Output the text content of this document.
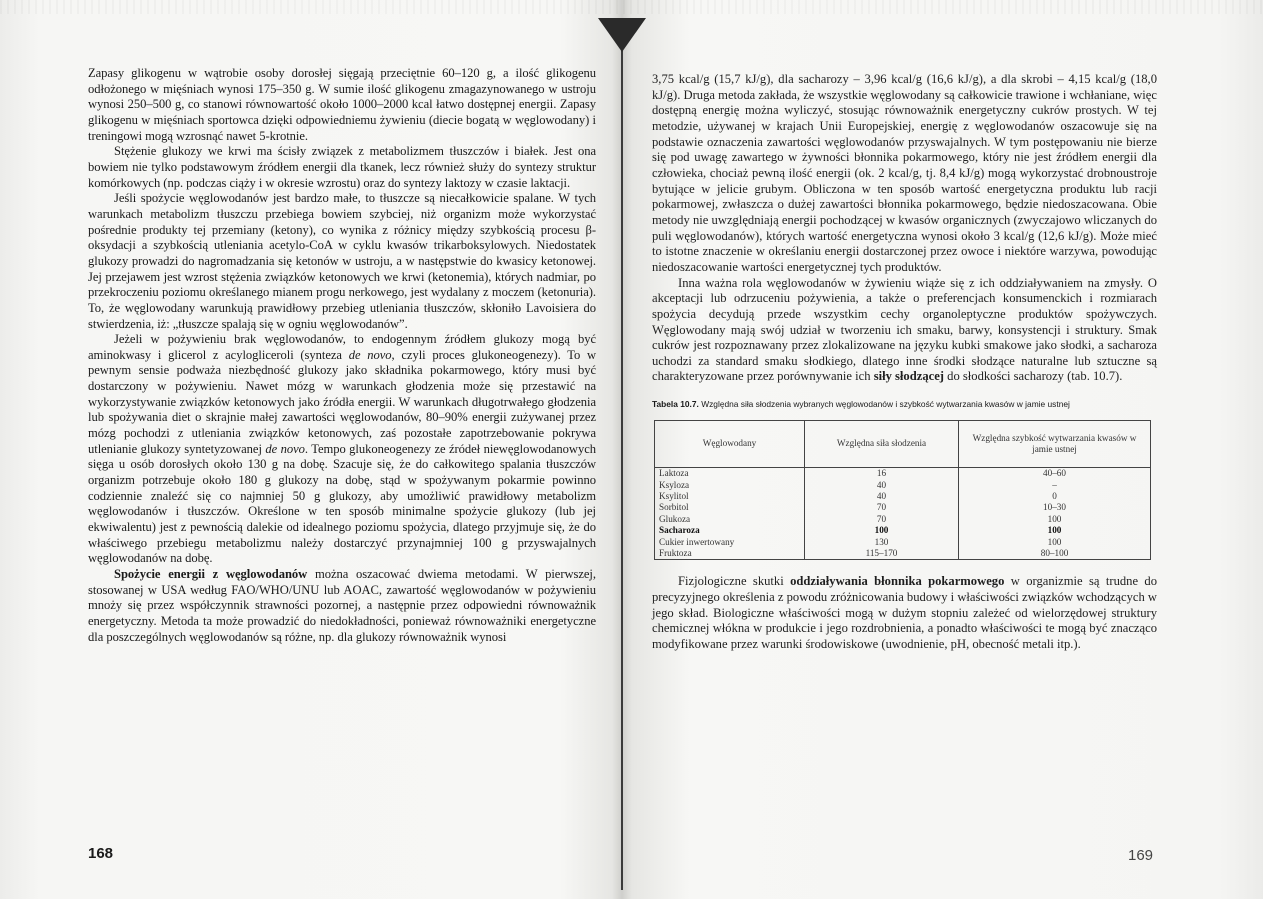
Zapasy glikogenu w wątrobie osoby dorosłej sięgają przeciętnie 60–120 g, a ilość glikogenu odłożonego w mięśniach wynosi 175–350 g. W sumie ilość glikogenu zmagazynowanego w ustroju wynosi 250–500 g, co stanowi równowartość około 1000–2000 kcal łatwo dostępnej energii. Zapasy glikogenu w mięśniach sportowca dzięki odpowiedniemu żywieniu (diecie bogatą w węglowodany) i treningowi mogą wzrosnąć nawet 5-krotnie.

Stężenie glukozy we krwi ma ścisły związek z metabolizmem tłuszczów i białek. Jest ona bowiem nie tylko podstawowym źródłem energii dla tkanek, lecz również służy do syntezy struktur komórkowych (np. podczas ciąży i w okresie wzrostu) oraz do syntezy laktozy w czasie laktacji.

Jeśli spożycie węglowodanów jest bardzo małe, to tłuszcze są niecałkowicie spalane. W tych warunkach metabolizm tłuszczu przebiega bowiem szybciej, niż organizm może wykorzystać pośrednie produkty tej przemiany (ketony), co wynika z różnicy między szybkością procesu β-oksydacji a szybkością utleniania acetylo-CoA w cyklu kwasów trikarboksylowych. Niedostatek glukozy prowadzi do nagromadzania się ketonów w ustroju, a w następstwie do kwasicy ketonowej. Jej przejawem jest wzrost stężenia związków ketonowych we krwi (ketonemia), których nadmiar, po przekroczeniu poziomu określanego mianem progu nerkowego, jest wydalany z moczem (ketonuria). To, że węglowodany warunkują prawidłowy przebieg utleniania tłuszczów, skłoniło Lavoisiera do stwierdzenia, iż: „tłuszcze spalają się w ogniu węglowodanów”.

Jeżeli w pożywieniu brak węglowodanów, to endogennym źródłem glukozy mogą być aminokwasy i glicerol z acylogliceroli (synteza de novo, czyli proces glukoneogenezy). To w pewnym sensie podważa niezbędność glukozy jako składnika pokarmowego, który musi być dostarczony w pożywieniu. Nawet mózg w warunkach głodzenia może się przestawić na wykorzystywanie związków ketonowych jako źródła energii. W warunkach długotrwałego głodzenia lub spożywania diet o skrajnie małej zawartości węglowodanów, 80–90% energii zużywanej przez mózg pochodzi z utleniania związków ketonowych, zaś pozostałe zapotrzebowanie pokrywa utlenianie glukozy syntetyzowanej de novo. Tempo glukoneogenezy ze źródeł niewęglowodanowych sięga u osób dorosłych około 130 g na dobę. Szacuje się, że do całkowitego spalania tłuszczów organizm potrzebuje około 180 g glukozy na dobę, stąd w spożywanym pokarmie powinno codziennie znaleźć się co najmniej 50 g glukozy, aby umożliwić prawidłowy metabolizm węglowodanów i tłuszczów. Określone w ten sposób minimalne spożycie glukozy (lub jej ekwiwalentu) jest z pewnością dalekie od idealnego poziomu spożycia, dlatego przyjmuje się, że do właściwego przebiegu metabolizmu należy dostarczyć przynajmniej 100 g przyswajalnych węglowodanów na dobę.

Spożycie energii z węglowodanów można oszacować dwiema metodami. W pierwszej, stosowanej w USA według FAO/WHO/UNU lub AOAC, zawartość węglowodanów w pożywieniu mnoży się przez współczynnik strawności pozornej, a następnie przez odpowiedni równoważnik energetyczny. Metoda ta może prowadzić do niedokładności, ponieważ równoważniki energetyczne dla poszczególnych węglowodanów są różne, np. dla glukozy równoważnik wynosi

168

3,75 kcal/g (15,7 kJ/g), dla sacharozy – 3,96 kcal/g (16,6 kJ/g), a dla skrobi – 4,15 kcal/g (18,0 kJ/g). Druga metoda zakłada, że wszystkie węglowodany są całkowicie trawione i wchłaniane, więc dostępną energię można wyliczyć, stosując równoważnik energetyczny cukrów prostych. W tej metodzie, używanej w krajach Unii Europejskiej, energię z węglowodanów oszacowuje się na podstawie oznaczenia zawartości węglowodanów przyswajalnych. W tym postępowaniu nie bierze się pod uwagę zawartego w żywności błonnika pokarmowego, który nie jest źródłem energii dla człowieka, chociaż pewną ilość energii (ok. 2 kcal/g, tj. 8,4 kJ/g) mogą wykorzystać drobnoustroje bytujące w jelicie grubym. Obliczona w ten sposób wartość energetyczna produktu lub racji pokarmowej, zwłaszcza o dużej zawartości błonnika pokarmowego, będzie niedoszacowana. Obie metody nie uwzględniają energii pochodzącej w kwasów organicznych (zwyczajowo wliczanych do puli węglowodanów), których wartość energetyczna wynosi około 3 kcal/g (12,6 kJ/g). Może mieć to istotne znaczenie w określaniu energii dostarczonej przez owoce i niektóre warzywa, powodując niedoszacowanie wartości energetycznej tych produktów.

Inna ważna rola węglowodanów w żywieniu wiąże się z ich oddziaływaniem na zmysły. O akceptacji lub odrzuceniu pożywienia, a także o preferencjach konsumenckich i rozmiarach spożycia decydują przede wszystkim cechy organoleptyczne produktów spożywczych. Węglowodany mają swój udział w tworzeniu ich smaku, barwy, konsystencji i struktury. Smak cukrów jest rozpoznawany przez zlokalizowane na języku kubki smakowe jako słodki, a sacharoza uchodzi za standard smaku słodkiego, dlatego inne środki słodzące naturalne lub sztuczne są charakteryzowane przez porównywanie ich siły słodzącej do słodkości sacharozy (tab. 10.7).

Tabela 10.7. Względna siła słodzenia wybranych węglowodanów i szybkość wytwarzania kwasów w jamie ustnej
Węglowodany	Względna siła słodzenia	Względna szybkość wytwarzania kwasów w jamie ustnej
Laktoza	16	40–60
Ksyloza	40	–
Ksylitol	40	0
Sorbitol	70	10–30
Glukoza	70	100
Sacharoza	100	100
Cukier inwertowany	130	100
Fruktoza	115–170	80–100

Fizjologiczne skutki oddziaływania błonnika pokarmowego w organizmie są trudne do precyzyjnego określenia z powodu zróżnicowania budowy i właściwości związków wchodzących w jego skład. Biologiczne właściwości mogą w dużym stopniu zależeć od wielorzędowej struktury chemicznej włókna w produkcie i jego rozdrobnienia, a ponadto właściwości te mogą być znacząco modyfikowane przez warunki środowiskowe (uwodnienie, pH, obecność metali itp.).

169
